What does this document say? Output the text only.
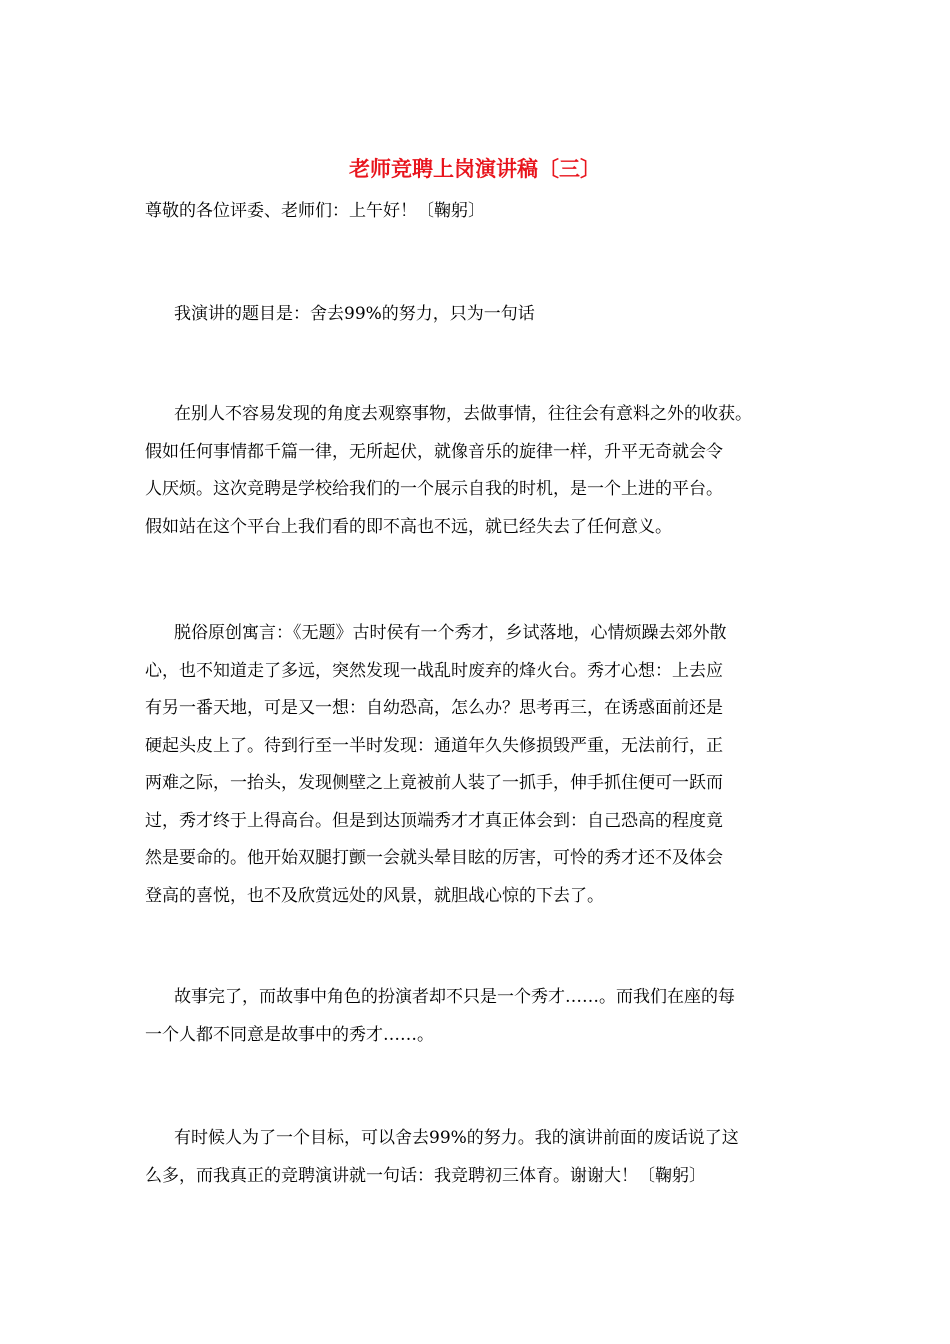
老师竞聘上岗演讲稿〔三〕

尊敬的各位评委、老师们：上午好！〔鞠躬〕

我演讲的题目是：舍去99%的努力，只为一句话

在别人不容易发现的角度去观察事物，去做事情，往往会有意料之外的收获。
假如任何事情都千篇一律，无所起伏，就像音乐的旋律一样，升平无奇就会令
人厌烦。这次竞聘是学校给我们的一个展示自我的时机，是一个上进的平台。
假如站在这个平台上我们看的即不高也不远，就已经失去了任何意义。

脱俗原创寓言：《无题》古时侯有一个秀才，乡试落地，心情烦躁去郊外散
心，也不知道走了多远，突然发现一战乱时废弃的烽火台。秀才心想：上去应
有另一番天地，可是又一想：自幼恐高，怎么办？思考再三，在诱惑面前还是
硬起头皮上了。待到行至一半时发现：通道年久失修损毁严重，无法前行，正
两难之际，一抬头，发现侧壁之上竟被前人装了一抓手，伸手抓住便可一跃而
过，秀才终于上得高台。但是到达顶端秀才才真正体会到：自己恐高的程度竟
然是要命的。他开始双腿打颤一会就头晕目眩的厉害，可怜的秀才还不及体会
登高的喜悦，也不及欣赏远处的风景，就胆战心惊的下去了。

故事完了，而故事中角色的扮演者却不只是一个秀才……。而我们在座的每
一个人都不同意是故事中的秀才……。

有时候人为了一个目标，可以舍去99%的努力。我的演讲前面的废话说了这
么多，而我真正的竞聘演讲就一句话：我竞聘初三体育。谢谢大！〔鞠躬〕
